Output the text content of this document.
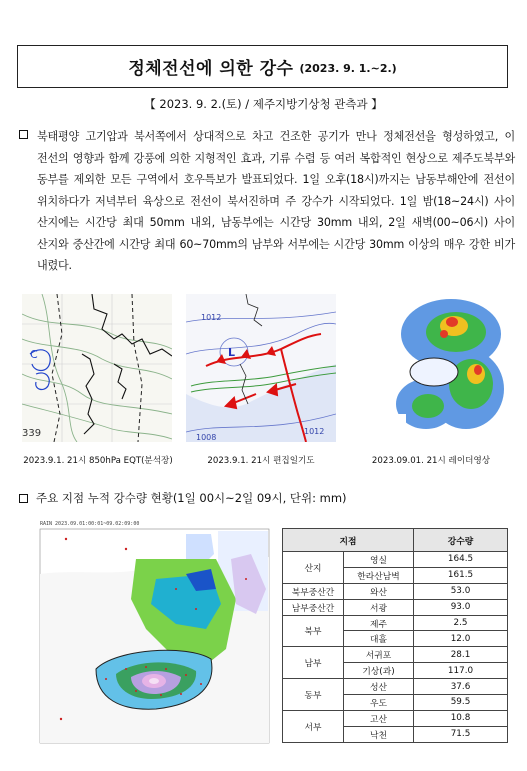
정체전선에 의한 강수 (2023. 9. 1.~2.)
【 2023. 9. 2.(토) / 제주지방기상청 관측과 】

북태평양 고기압과 북서쪽에서 상대적으로 차고 건조한 공기가 만나 정체전선을 형성하였고, 이 전선의 영향과 함께 강풍에 의한 지형적인 효과, 기류 수렴 등 여러 복합적인 현상으로 제주도북부와 동부를 제외한 모든 구역에서 호우특보가 발표되었다. 1일 오후(18시)까지는 남동부해안에 전선이 위치하다가 저녁부터 육상으로 전선이 북서진하며 주 강수가 시작되었다. 1일 밤(18~24시) 사이 산지에는 시간당 최대 50mm 내외, 남동부에는 시간당 30mm 내외, 2일 새벽(00~06시) 사이 산지와 중산간에 시간당 최대 60~70mm의 남부와 서부에는 시간당 30mm 이상의 매우 강한 비가 내렸다.

C
339
1012
1008
1012
L
2023.9.1. 21시 850hPa EQT(분석장)	2023.9.1. 21시 편집일기도	2023.09.01. 21시 레이더영상
주요 지점 누적 강수량 현황(1일 00시~2일 09시, 단위: mm)
RAIN 2023.09.01:00:01~09.02:09:00
지점		강수량
산지	영실	164.5
	한라산남벽	161.5
북부중산간	와산	53.0
남부중산간	서광	93.0
북부	제주	2.5
	대흘	12.0
남부	서귀포	28.1
	기상(과)	117.0
동부	성산	37.6
	우도	59.5
서부	고산	10.8
	낙천	71.5
